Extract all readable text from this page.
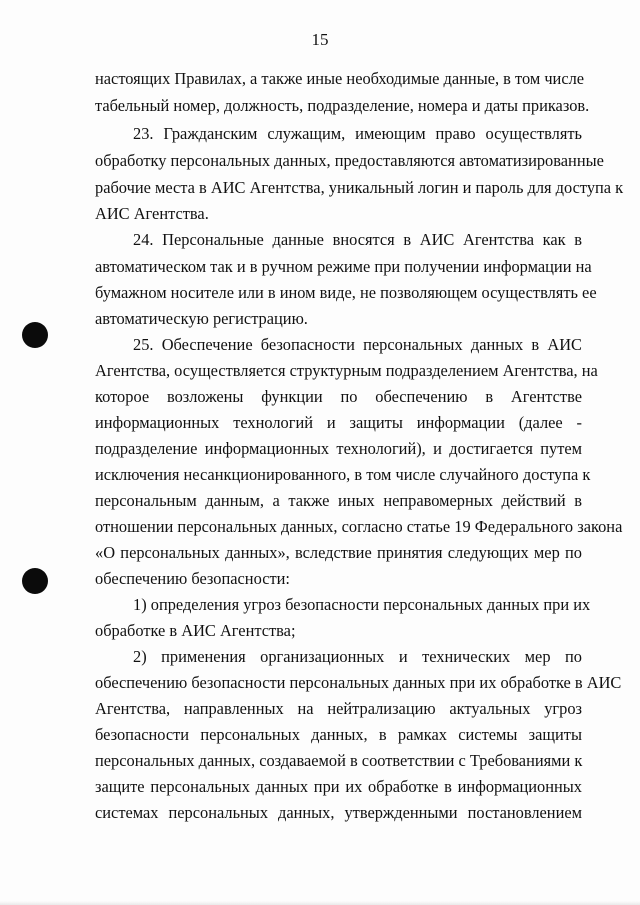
15
настоящих Правилах, а также иные необходимые данные, в том числе
табельный номер, должность, подразделение, номера и даты приказов.
23. Гражданским служащим, имеющим право осуществлять
обработку персональных данных, предоставляются автоматизированные
рабочие места в АИС Агентства, уникальный логин и пароль для доступа к
АИС Агентства.
24. Персональные данные вносятся в АИС Агентства как в
автоматическом так и в ручном режиме при получении информации на
бумажном носителе или в ином виде, не позволяющем осуществлять ее
автоматическую регистрацию.
25. Обеспечение безопасности персональных данных в АИС
Агентства, осуществляется структурным подразделением Агентства, на
которое возложены функции по обеспечению в Агентстве
информационных технологий и защиты информации (далее -
подразделение информационных технологий), и достигается путем
исключения несанкционированного, в том числе случайного доступа к
персональным данным, а также иных неправомерных действий в
отношении персональных данных, согласно статье 19 Федерального закона
«О персональных данных», вследствие принятия следующих мер по
обеспечению безопасности:
1) определения угроз безопасности персональных данных при их
обработке в АИС Агентства;
2) применения организационных и технических мер по
обеспечению безопасности персональных данных при их обработке в АИС
Агентства, направленных на нейтрализацию актуальных угроз
безопасности персональных данных, в рамках системы защиты
персональных данных, создаваемой в соответствии с Требованиями к
защите персональных данных при их обработке в информационных
системах персональных данных, утвержденными постановлением
